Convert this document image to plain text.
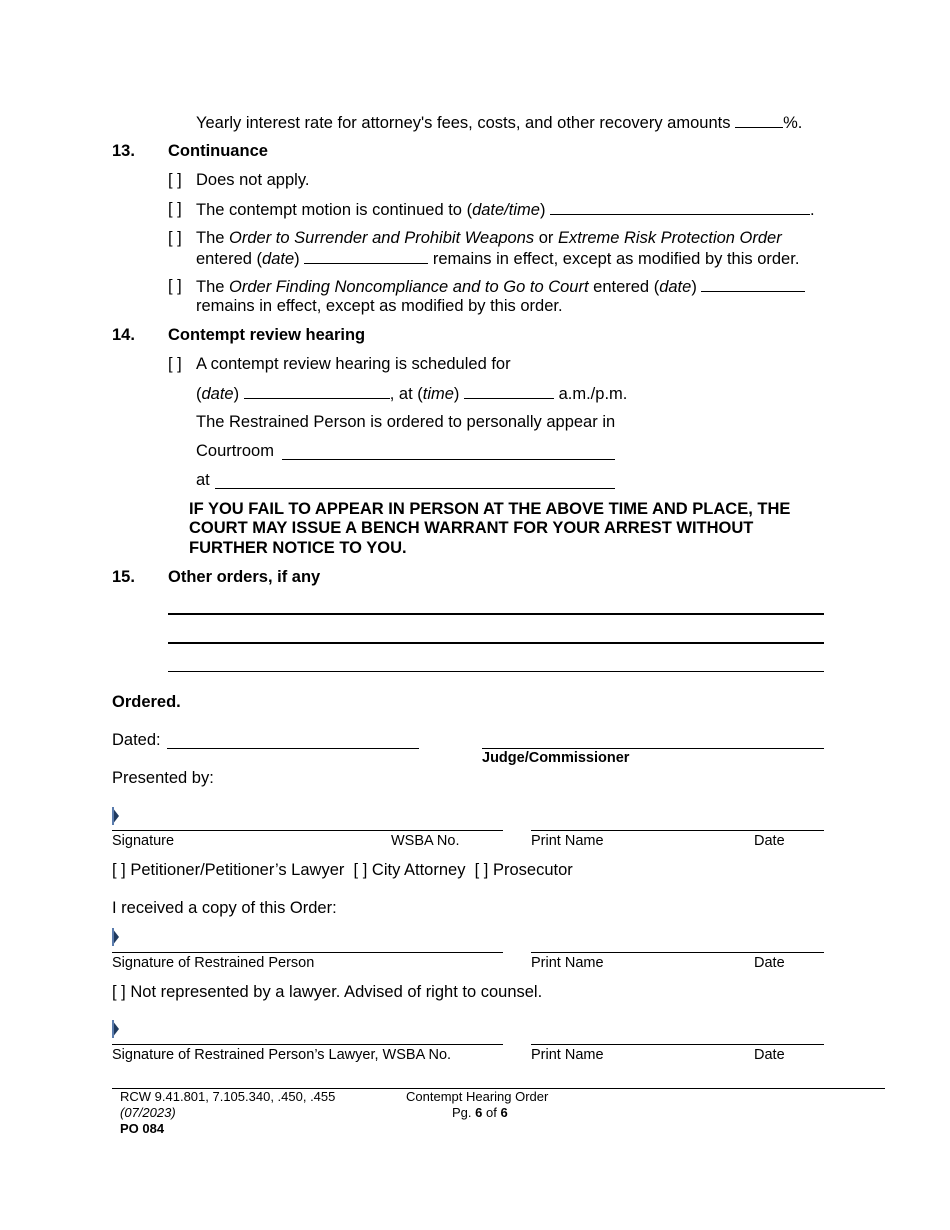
Yearly interest rate for attorney's fees, costs, and other recovery amounts	%.
13. Continuance
[ ] Does not apply.
[ ] The contempt motion is continued to (date/time)	.
[ ] The Order to Surrender and Prohibit Weapons or Extreme Risk Protection Order
entered (date)	remains in effect, except as modified by this order.
[ ] The Order Finding Noncompliance and to Go to Court entered (date)
remains in effect, except as modified by this order.
14. Contempt review hearing
[ ] A contempt review hearing is scheduled for
(date)	, at (time)	a.m./p.m.
The Restrained Person is ordered to personally appear in
Courtroom
at
IF YOU FAIL TO APPEAR IN PERSON AT THE ABOVE TIME AND PLACE, THE
COURT MAY ISSUE A BENCH WARRANT FOR YOUR ARREST WITHOUT
FURTHER NOTICE TO YOU.
15. Other orders, if any
Ordered.
Dated:
Judge/Commissioner
Presented by:
Signature	WSBA No.	Print Name	Date
[ ] Petitioner/Petitioner’s Lawyer [ ] City Attorney [ ] Prosecutor
I received a copy of this Order:
Signature of Restrained Person	Print Name	Date
[ ] Not represented by a lawyer. Advised of right to counsel.
Signature of Restrained Person’s Lawyer, WSBA No.	Print Name	Date
RCW 9.41.801, 7.105.340, .450, .455
(07/2023)
PO 084
Contempt Hearing Order
Pg. 6 of 6
